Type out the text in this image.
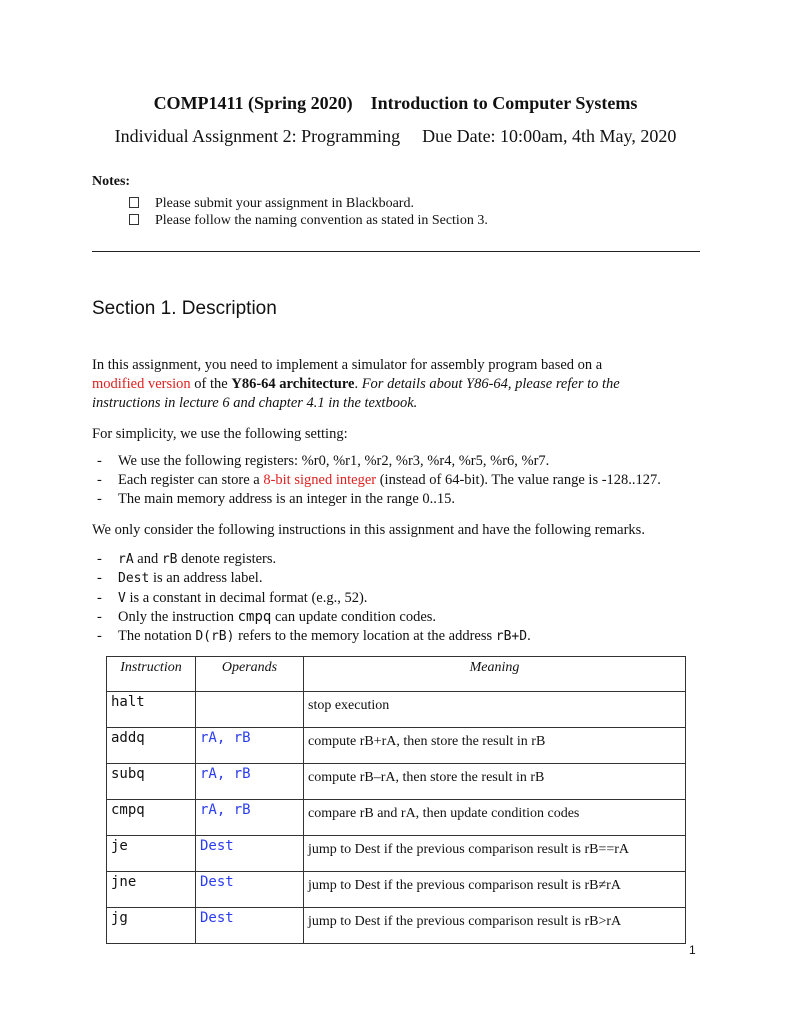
COMP1411 (Spring 2020)    Introduction to Computer Systems
Individual Assignment 2: Programming Due Date: 10:00am, 4th May, 2020
Notes:
Please submit your assignment in Blackboard.
Please follow the naming convention as stated in Section 3.
Section 1. Description
In this assignment, you need to implement a simulator for assembly program based on a
modified version of the Y86-64 architecture. For details about Y86-64, please refer to the
instructions in lecture 6 and chapter 4.1 in the textbook.
For simplicity, we use the following setting:
- We use the following registers: %r0, %r1, %r2, %r3, %r4, %r5, %r6, %r7.
- Each register can store a 8-bit signed integer (instead of 64-bit). The value range is -128..127.
- The main memory address is an integer in the range 0..15.
We only consider the following instructions in this assignment and have the following remarks.
- rA and rB denote registers.
- Dest is an address label.
- V is a constant in decimal format (e.g., 52).
- Only the instruction cmpq can update condition codes.
- The notation D(rB) refers to the memory location at the address rB+D.
Instruction	Operands	Meaning
halt		stop execution
addq	rA, rB	compute rB+rA, then store the result in rB
subq	rA, rB	compute rB–rA, then store the result in rB
cmpq	rA, rB	compare rB and rA, then update condition codes
je	Dest	jump to Dest if the previous comparison result is rB==rA
jne	Dest	jump to Dest if the previous comparison result is rB≠rA
jg	Dest	jump to Dest if the previous comparison result is rB>rA
1
